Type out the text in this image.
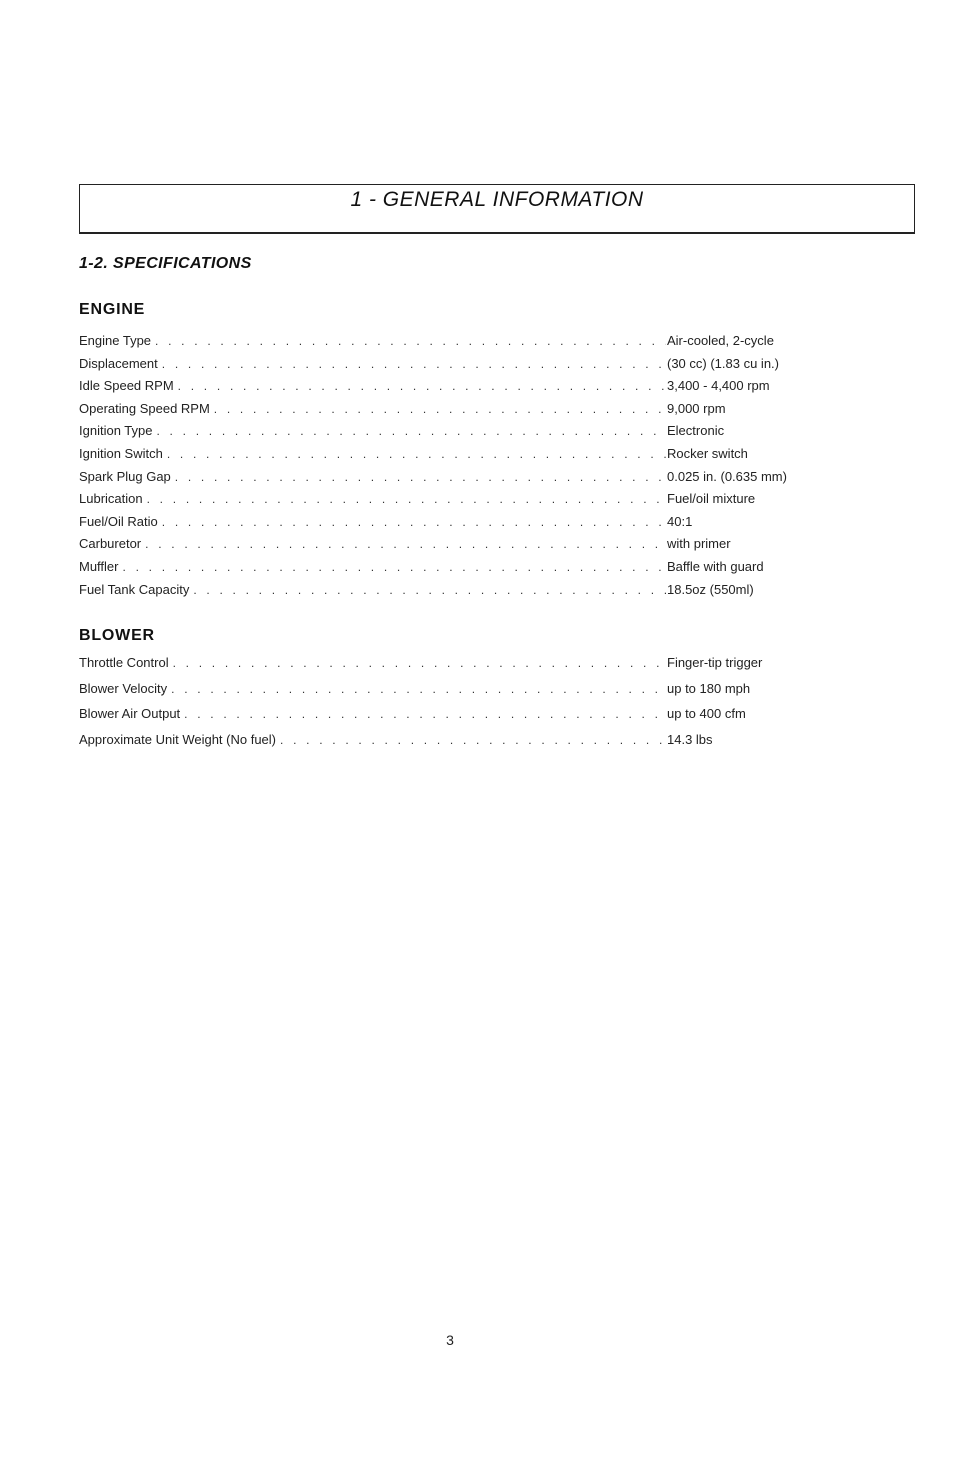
1 - GENERAL INFORMATION
1-2. SPECIFICATIONS
ENGINE
Engine Type . . .	Air-cooled, 2-cycle
Displacement . . .	(30 cc) (1.83 cu in.)
Idle Speed RPM . . .	3,400 - 4,400 rpm
Operating Speed RPM . . .	9,000 rpm
Ignition Type . . .	Electronic
Ignition Switch . . .	Rocker switch
Spark Plug Gap . . .	0.025 in. (0.635 mm)
Lubrication . . .	Fuel/oil mixture
Fuel/Oil Ratio . . .	40:1
Carburetor . . .	with primer
Muffler . . .	Baffle with guard
Fuel Tank Capacity . . .	18.5oz (550ml)
BLOWER
Throttle Control . . .	Finger-tip trigger
Blower Velocity . . .	up to 180 mph
Blower Air Output . . .	up to 400 cfm
Approximate Unit Weight (No fuel) . . .	14.3 lbs
3
